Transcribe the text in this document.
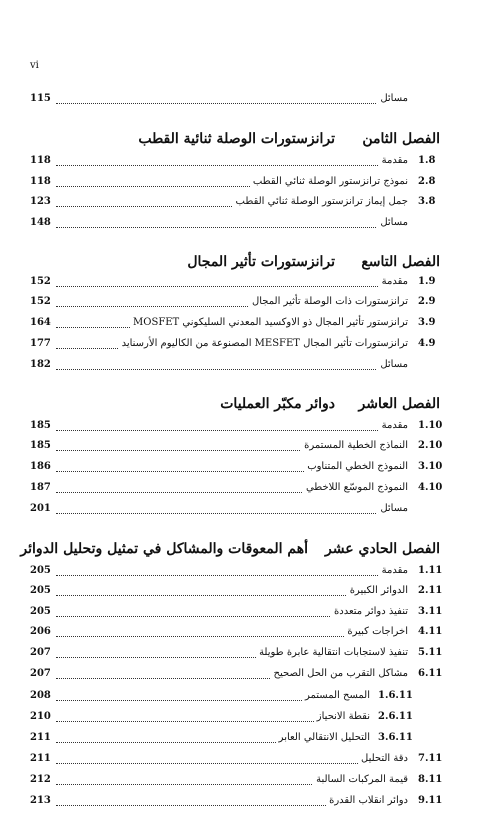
vi
115	مسائل
الفصل الثامن
ترانزستورات الوصلة ثنائية القطب
118	مقدمة 1.8
118	نموذج ترانزستور الوصلة ثنائي القطب 2.8
123	جمل إيماز ترانزستور الوصلة ثنائي القطب 3.8
148	مسائل
الفصل التاسع
ترانزستورات تأثير المجال
152	مقدمة 1.9
152	ترانزستورات ذات الوصلة تأثير المجال 2.9
164	ترانزستور تأثير المجال ذو الاوكسيد المعدني السليكوني MOSFET 3.9
177	ترانزستورات تأثير المجال MESFET المصنوعة من الكاليوم الأرسنايد 4.9
182	مسائل
الفصل العاشر
دوائر مكبّر العمليات
185	مقدمة 1.10
185	النماذج الخطية المستمرة 2.10
186	النموذج الخطي المتناوب 3.10
187	النموذج الموسّع اللاخطي 4.10
201	مسائل
الفصل الحادي عشر
أهم المعوقات والمشاكل في تمثيل وتحليل الدوائر
205	مقدمة 1.11
205	الدوائر الكبيرة 2.11
205	تنفيذ دوائر متعددة 3.11
206	اخراجات كبيرة 4.11
207	تنفيذ لاستجابات انتقالية عابرة طويلة 5.11
207	مشاكل التقرب من الحل الصحيح 6.11
208	المسح المستمر 1.6.11
210	نقطة الانحياز 2.6.11
211	التحليل الانتقالي العابر 3.6.11
211	دقة التحليل 7.11
212	قيمة المركبات السالبة 8.11
213	دوائر انقلاب القدرة 9.11
